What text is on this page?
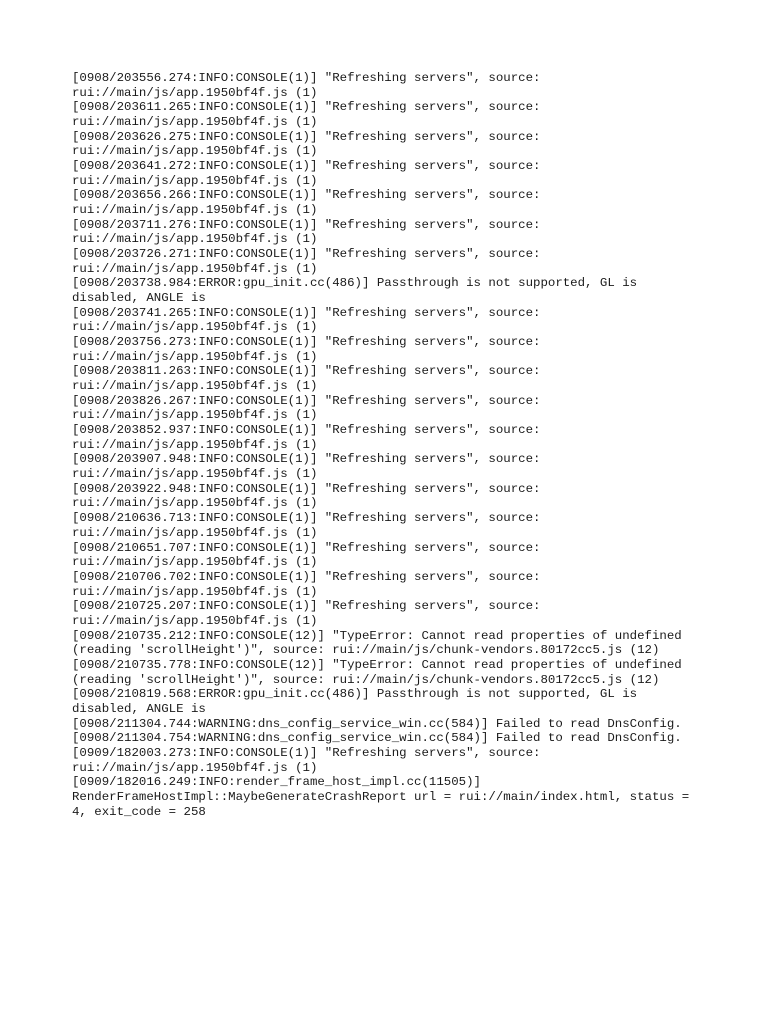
[0908/203556.274:INFO:CONSOLE(1)] "Refreshing servers", source:
rui://main/js/app.1950bf4f.js (1)

[0908/203611.265:INFO:CONSOLE(1)] "Refreshing servers", source:
rui://main/js/app.1950bf4f.js (1)

[0908/203626.275:INFO:CONSOLE(1)] "Refreshing servers", source:
rui://main/js/app.1950bf4f.js (1)

[0908/203641.272:INFO:CONSOLE(1)] "Refreshing servers", source:
rui://main/js/app.1950bf4f.js (1)

[0908/203656.266:INFO:CONSOLE(1)] "Refreshing servers", source:
rui://main/js/app.1950bf4f.js (1)

[0908/203711.276:INFO:CONSOLE(1)] "Refreshing servers", source:
rui://main/js/app.1950bf4f.js (1)

[0908/203726.271:INFO:CONSOLE(1)] "Refreshing servers", source:
rui://main/js/app.1950bf4f.js (1)

[0908/203738.984:ERROR:gpu_init.cc(486)] Passthrough is not supported, GL is
disabled, ANGLE is

[0908/203741.265:INFO:CONSOLE(1)] "Refreshing servers", source:
rui://main/js/app.1950bf4f.js (1)

[0908/203756.273:INFO:CONSOLE(1)] "Refreshing servers", source:
rui://main/js/app.1950bf4f.js (1)

[0908/203811.263:INFO:CONSOLE(1)] "Refreshing servers", source:
rui://main/js/app.1950bf4f.js (1)

[0908/203826.267:INFO:CONSOLE(1)] "Refreshing servers", source:
rui://main/js/app.1950bf4f.js (1)

[0908/203852.937:INFO:CONSOLE(1)] "Refreshing servers", source:
rui://main/js/app.1950bf4f.js (1)

[0908/203907.948:INFO:CONSOLE(1)] "Refreshing servers", source:
rui://main/js/app.1950bf4f.js (1)

[0908/203922.948:INFO:CONSOLE(1)] "Refreshing servers", source:
rui://main/js/app.1950bf4f.js (1)

[0908/210636.713:INFO:CONSOLE(1)] "Refreshing servers", source:
rui://main/js/app.1950bf4f.js (1)

[0908/210651.707:INFO:CONSOLE(1)] "Refreshing servers", source:
rui://main/js/app.1950bf4f.js (1)

[0908/210706.702:INFO:CONSOLE(1)] "Refreshing servers", source:
rui://main/js/app.1950bf4f.js (1)

[0908/210725.207:INFO:CONSOLE(1)] "Refreshing servers", source:
rui://main/js/app.1950bf4f.js (1)

[0908/210735.212:INFO:CONSOLE(12)] "TypeError: Cannot read properties of undefined
(reading 'scrollHeight')", source: rui://main/js/chunk-vendors.80172cc5.js (12)

[0908/210735.778:INFO:CONSOLE(12)] "TypeError: Cannot read properties of undefined
(reading 'scrollHeight')", source: rui://main/js/chunk-vendors.80172cc5.js (12)

[0908/210819.568:ERROR:gpu_init.cc(486)] Passthrough is not supported, GL is
disabled, ANGLE is

[0908/211304.744:WARNING:dns_config_service_win.cc(584)] Failed to read DnsConfig.

[0908/211304.754:WARNING:dns_config_service_win.cc(584)] Failed to read DnsConfig.

[0909/182003.273:INFO:CONSOLE(1)] "Refreshing servers", source:
rui://main/js/app.1950bf4f.js (1)

[0909/182016.249:INFO:render_frame_host_impl.cc(11505)]
RenderFrameHostImpl::MaybeGenerateCrashReport url = rui://main/index.html, status =
4, exit_code = 258
